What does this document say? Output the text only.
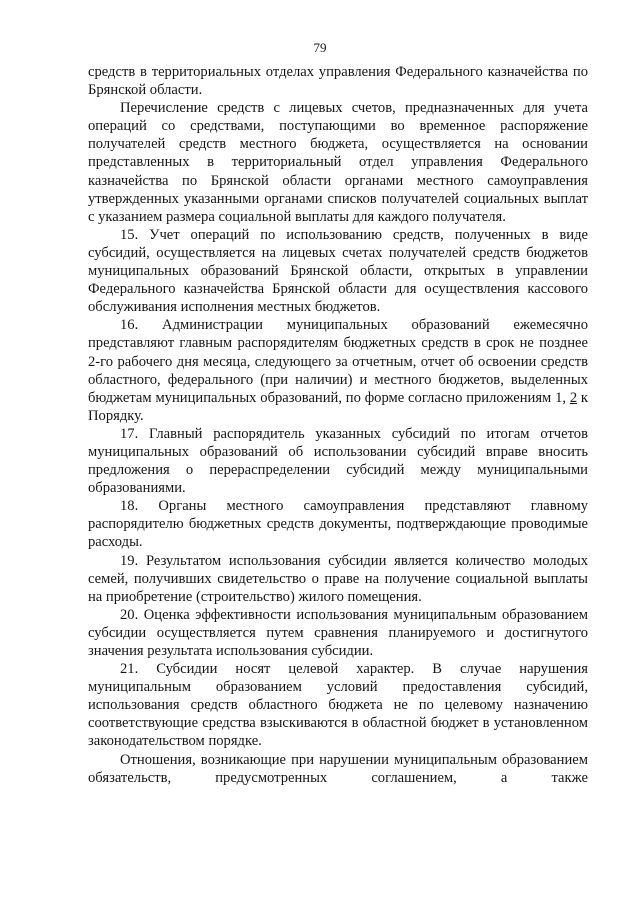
79

средств в территориальных отделах управления Федерального казначейства по Брянской области.

Перечисление средств с лицевых счетов, предназначенных для учета операций со средствами, поступающими во временное распоряжение получателей средств местного бюджета, осуществляется на основании представленных в территориальный отдел управления Федерального казначейства по Брянской области органами местного самоуправления утвержденных указанными органами списков получателей социальных выплат с указанием размера социальной выплаты для каждого получателя.

15. Учет операций по использованию средств, полученных в виде субсидий, осуществляется на лицевых счетах получателей средств бюджетов муниципальных образований Брянской области, открытых в управлении Федерального казначейства Брянской области для осуществления кассового обслуживания исполнения местных бюджетов.

16. Администрации муниципальных образований ежемесячно представляют главным распорядителям бюджетных средств в срок не позднее 2-го рабочего дня месяца, следующего за отчетным, отчет об освоении средств областного, федерального (при наличии) и местного бюджетов, выделенных бюджетам муниципальных образований, по форме согласно приложениям 1, 2 к Порядку.

17. Главный распорядитель указанных субсидий по итогам отчетов муниципальных образований об использовании субсидий вправе вносить предложения о перераспределении субсидий между муниципальными образованиями.

18. Органы местного самоуправления представляют главному распорядителю бюджетных средств документы, подтверждающие проводимые расходы.

19. Результатом использования субсидии является количество молодых семей, получивших свидетельство о праве на получение социальной выплаты на приобретение (строительство) жилого помещения.

20. Оценка эффективности использования муниципальным образованием субсидии осуществляется путем сравнения планируемого и достигнутого значения результата использования субсидии.

21. Субсидии носят целевой характер. В случае нарушения муниципальным образованием условий предоставления субсидий, использования средств областного бюджета не по целевому назначению соответствующие средства взыскиваются в областной бюджет в установленном законодательством порядке.

Отношения, возникающие при нарушении муниципальным образованием обязательств, предусмотренных соглашением, а также
